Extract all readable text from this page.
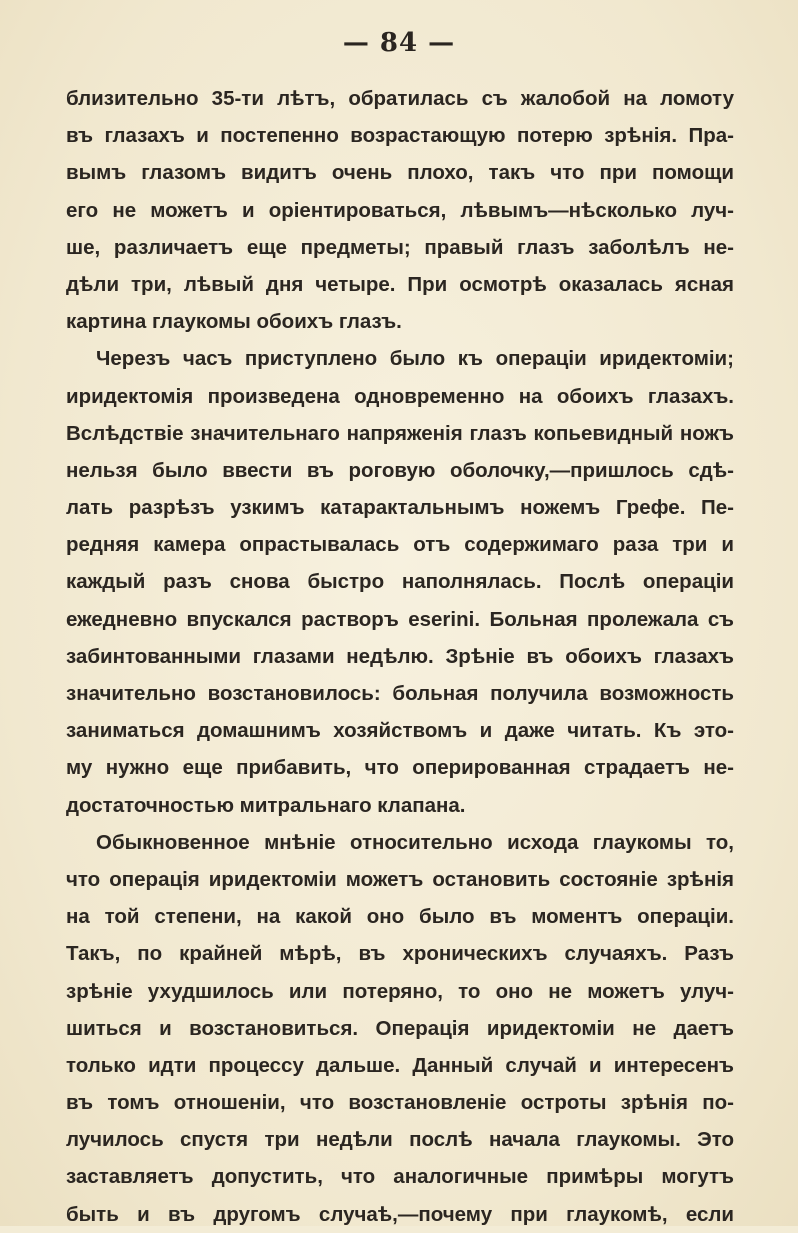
— 84 —
близительно 35-ти лѣтъ, обратилась съ жалобой на ломоту
въ глазахъ и постепенно возрастающую потерю зрѣнія. Пра-
вымъ глазомъ видитъ очень плохо, такъ что при помощи
его не можетъ и оріентироваться, лѣвымъ—нѣсколько луч-
ше, различаетъ еще предметы; правый глазъ заболѣлъ не-
дѣли три, лѣвый дня четыре. При осмотрѣ оказалась ясная
картина глаукомы обоихъ глазъ.
Черезъ часъ приступлено было къ операціи иридектоміи;
иридектомія произведена одновременно на обоихъ глазахъ.
Вслѣдствіе значительнаго напряженія глазъ копьевидный ножъ
нельзя было ввести въ роговую оболочку,—пришлось сдѣ-
лать разрѣзъ узкимъ катарактальнымъ ножемъ Грефе. Пе-
редняя камера опрастывалась отъ содержимаго раза три и
каждый разъ снова быстро наполнялась. Послѣ операціи
ежедневно впускался растворъ eserini. Больная пролежала съ
забинтованными глазами недѣлю. Зрѣніе въ обоихъ глазахъ
значительно возстановилось: больная получила возможность
заниматься домашнимъ хозяйствомъ и даже читать. Къ это-
му нужно еще прибавить, что оперированная страдаетъ не-
достаточностью митральнаго клапана.
Обыкновенное мнѣніе относительно исхода глаукомы то,
что операція иридектоміи можетъ остановить состояніе зрѣнія
на той степени, на какой оно было въ моментъ операціи.
Такъ, по крайней мѣрѣ, въ хроническихъ случаяхъ. Разъ
зрѣніе ухудшилось или потеряно, то оно не можетъ улуч-
шиться и возстановиться. Операція иридектоміи не даетъ
только идти процессу дальше. Данный случай и интересенъ
въ томъ отношеніи, что возстановленіе остроты зрѣнія по-
лучилось спустя три недѣли послѣ начала глаукомы. Это
заставляетъ допустить, что аналогичные примѣры могутъ
быть и въ другомъ случаѣ,—почему при глаукомѣ, если
